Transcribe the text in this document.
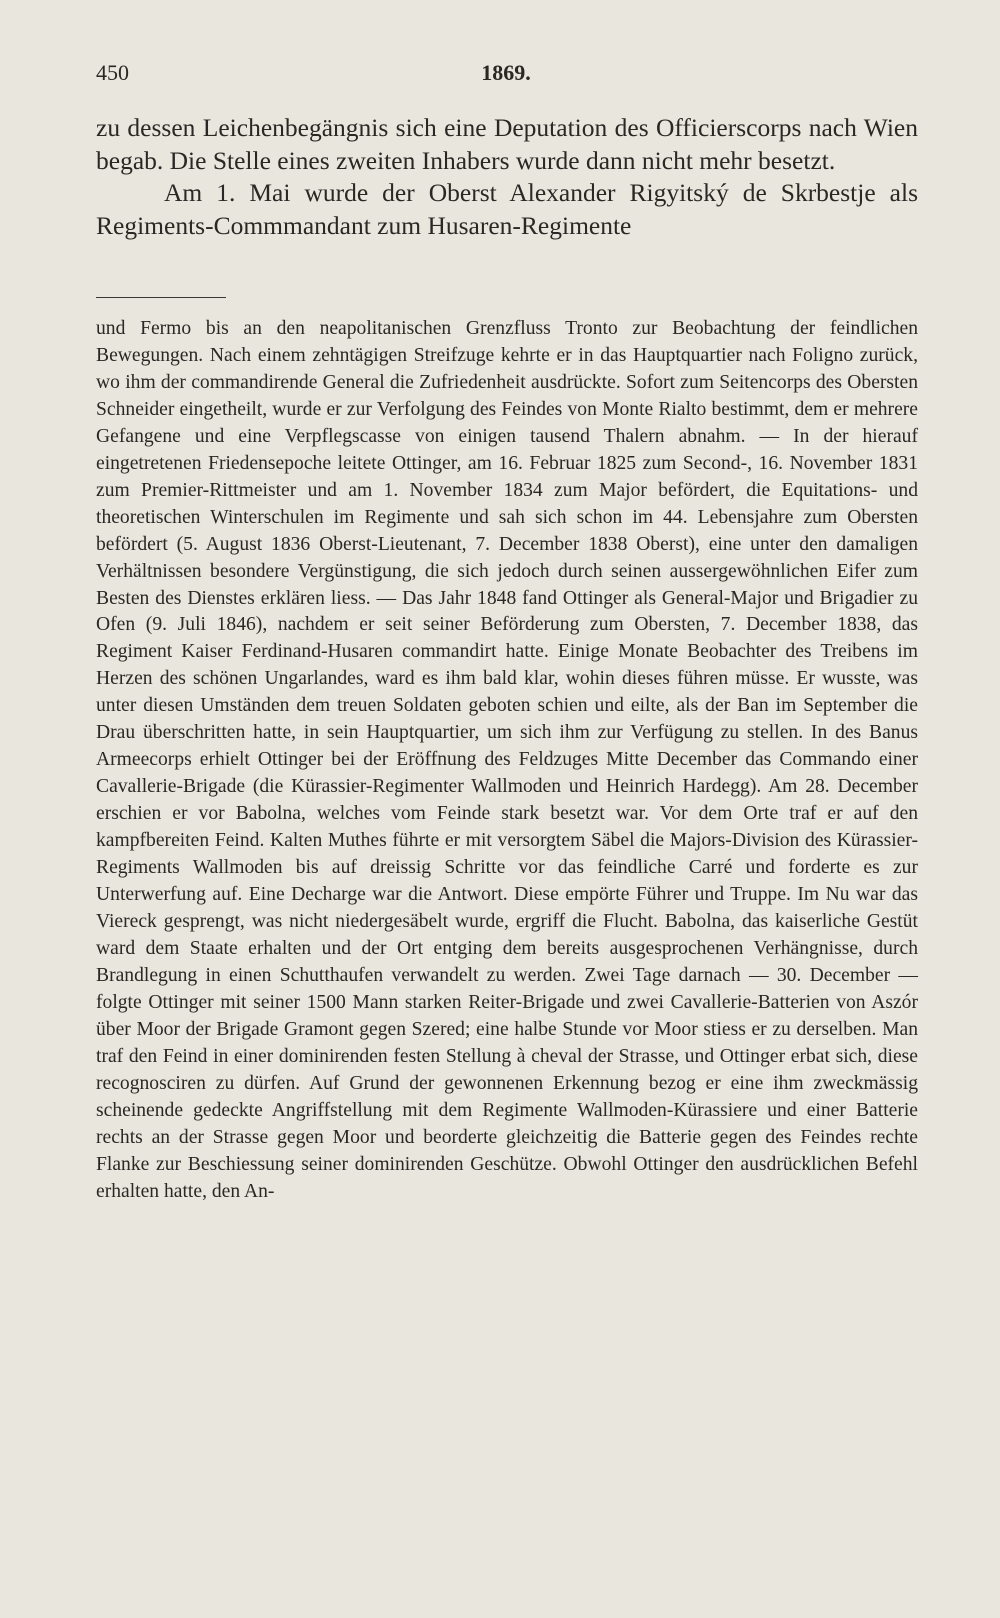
450	1869.

zu dessen Leichenbegängnis sich eine Deputation des Officierscorps nach Wien begab. Die Stelle eines zweiten Inhabers wurde dann nicht mehr besetzt.

Am 1. Mai wurde der Oberst Alexander Rigyitský de Skrbestje als Regiments-Commmandant zum Husaren-Regimente

und Fermo bis an den neapolitanischen Grenzfluss Tronto zur Beobachtung der feindlichen Bewegungen. Nach einem zehntägigen Streifzuge kehrte er in das Hauptquartier nach Foligno zurück, wo ihm der commandirende General die Zufriedenheit ausdrückte. Sofort zum Seitencorps des Obersten Schneider eingetheilt, wurde er zur Verfolgung des Feindes von Monte Rialto bestimmt, dem er mehrere Gefangene und eine Verpflegscasse von einigen tausend Thalern abnahm. — In der hierauf eingetretenen Friedensepoche leitete Ottinger, am 16. Februar 1825 zum Second-, 16. November 1831 zum Premier-Rittmeister und am 1. November 1834 zum Major befördert, die Equitations- und theoretischen Winterschulen im Regimente und sah sich schon im 44. Lebensjahre zum Obersten befördert (5. August 1836 Oberst-Lieutenant, 7. December 1838 Oberst), eine unter den damaligen Verhältnissen besondere Vergünstigung, die sich jedoch durch seinen aussergewöhnlichen Eifer zum Besten des Dienstes erklären liess. — Das Jahr 1848 fand Ottinger als General-Major und Brigadier zu Ofen (9. Juli 1846), nachdem er seit seiner Beförderung zum Obersten, 7. December 1838, das Regiment Kaiser Ferdinand-Husaren commandirt hatte. Einige Monate Beobachter des Treibens im Herzen des schönen Ungarlandes, ward es ihm bald klar, wohin dieses führen müsse. Er wusste, was unter diesen Umständen dem treuen Soldaten geboten schien und eilte, als der Ban im September die Drau überschritten hatte, in sein Hauptquartier, um sich ihm zur Verfügung zu stellen. In des Banus Armeecorps erhielt Ottinger bei der Eröffnung des Feldzuges Mitte December das Commando einer Cavallerie-Brigade (die Kürassier-Regimenter Wallmoden und Heinrich Hardegg). Am 28. December erschien er vor Babolna, welches vom Feinde stark besetzt war. Vor dem Orte traf er auf den kampfbereiten Feind. Kalten Muthes führte er mit versorgtem Säbel die Majors-Division des Kürassier-Regiments Wallmoden bis auf dreissig Schritte vor das feindliche Carré und forderte es zur Unterwerfung auf. Eine Decharge war die Antwort. Diese empörte Führer und Truppe. Im Nu war das Viereck gesprengt, was nicht niedergesäbelt wurde, ergriff die Flucht. Babolna, das kaiserliche Gestüt ward dem Staate erhalten und der Ort entging dem bereits ausgesprochenen Verhängnisse, durch Brandlegung in einen Schutthaufen verwandelt zu werden. Zwei Tage darnach — 30. December — folgte Ottinger mit seiner 1500 Mann starken Reiter-Brigade und zwei Cavallerie-Batterien von Aszór über Moor der Brigade Gramont gegen Szered; eine halbe Stunde vor Moor stiess er zu derselben. Man traf den Feind in einer dominirenden festen Stellung à cheval der Strasse, und Ottinger erbat sich, diese recognosciren zu dürfen. Auf Grund der gewonnenen Erkennung bezog er eine ihm zweckmässig scheinende gedeckte Angriffstellung mit dem Regimente Wallmoden-Kürassiere und einer Batterie rechts an der Strasse gegen Moor und beorderte gleichzeitig die Batterie gegen des Feindes rechte Flanke zur Beschiessung seiner dominirenden Geschütze. Obwohl Ottinger den ausdrücklichen Befehl erhalten hatte, den An-
